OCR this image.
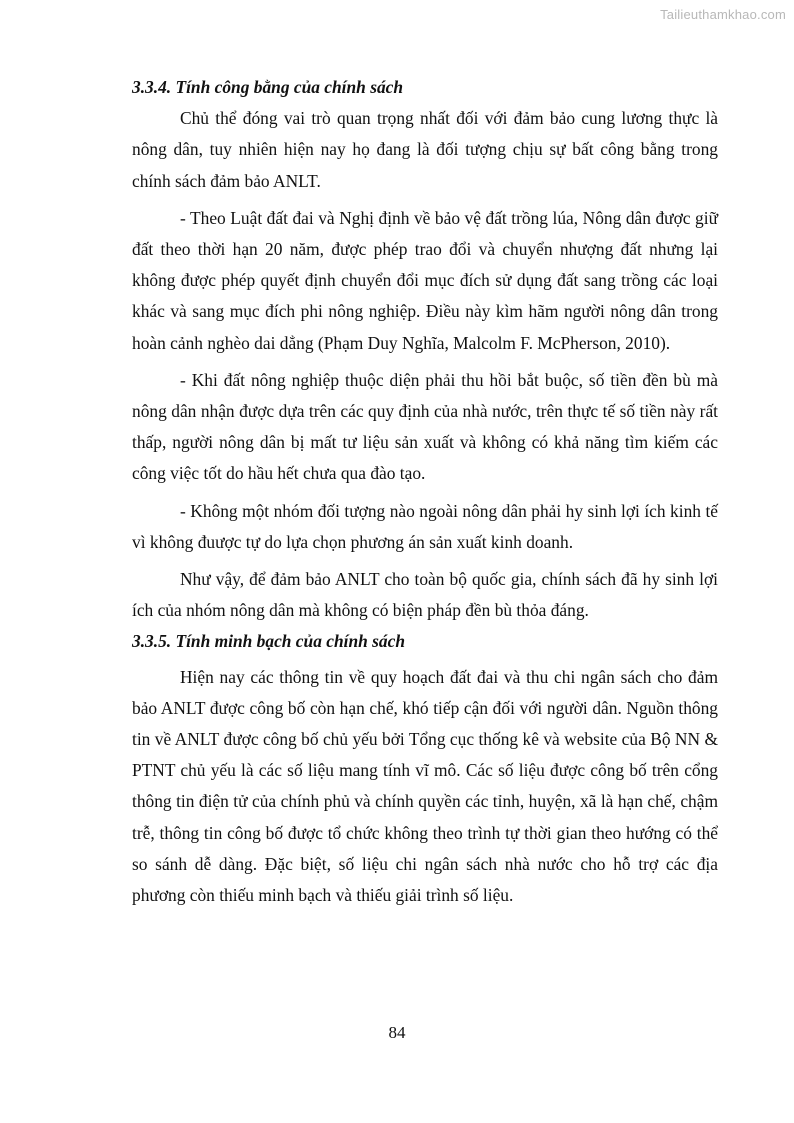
Tailieuthamkhao.com
3.3.4. Tính công bằng của chính sách

Chủ thể đóng vai trò quan trọng nhất đối với đảm bảo cung lương thực là nông dân, tuy nhiên hiện nay họ đang là đối tượng chịu sự bất công bằng trong chính sách đảm bảo ANLT.

- Theo Luật đất đai và Nghị định về bảo vệ đất trồng lúa, Nông dân được giữ đất theo thời hạn 20 năm, được phép trao đổi và chuyển nhượng đất nhưng lại không được phép quyết định chuyển đổi mục đích sử dụng đất sang trồng các loại khác và sang mục đích phi nông nghiệp. Điều này kìm hãm người nông dân trong hoàn cảnh nghèo dai dẳng (Phạm Duy Nghĩa, Malcolm F. McPherson, 2010).

- Khi đất nông nghiệp thuộc diện phải thu hồi bắt buộc, số tiền đền bù mà nông dân nhận được dựa trên các quy định của nhà nước, trên thực tế số tiền này rất thấp, người nông dân bị mất tư liệu sản xuất và không có khả năng tìm kiếm các công việc tốt do hầu hết chưa qua đào tạo.

- Không một nhóm đối tượng nào ngoài nông dân phải hy sinh lợi ích kinh tế vì không đuược tự do lựa chọn phương án sản xuất kinh doanh.

Như vậy, để đảm bảo ANLT cho toàn bộ quốc gia, chính sách đã hy sinh lợi ích của nhóm nông dân mà không có biện pháp đền bù thỏa đáng.

3.3.5. Tính minh bạch của chính sách

Hiện nay các thông tin về quy hoạch đất đai và thu chi ngân sách cho đảm bảo ANLT được công bố còn hạn chế, khó tiếp cận đối với người dân. Nguồn thông tin về ANLT được công bố chủ yếu bởi Tổng cục thống kê và website của Bộ NN & PTNT chủ yếu là các số liệu mang tính vĩ mô. Các số liệu được công bố trên cổng thông tin điện tử của chính phủ và chính quyền các tỉnh, huyện, xã là hạn chế, chậm trễ, thông tin công bố được tổ chức không theo trình tự thời gian theo hướng có thể so sánh dễ dàng. Đặc biệt, số liệu chi ngân sách nhà nước cho hỗ trợ các địa phương còn thiếu minh bạch và thiếu giải trình số liệu.

84
